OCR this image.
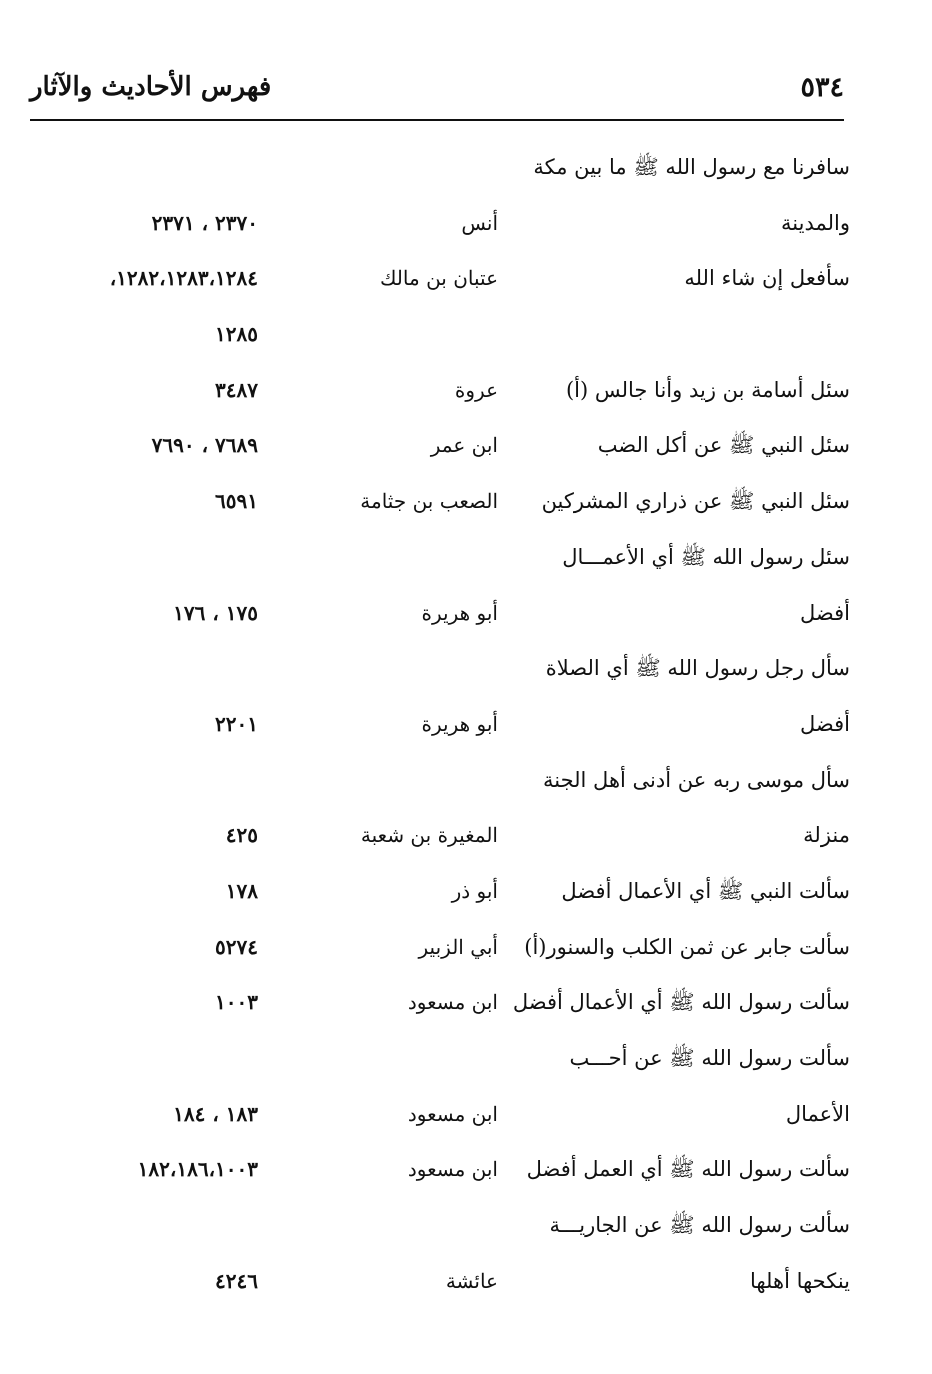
٥٣٤
فهرس الأحاديث والآثار
سافرنا مع رسول الله ﷺ ما بين مكة
والمدينة
أنس
٢٣٧٠ ، ٢٣٧١
سأفعل إن شاء الله
عتبان بن مالك
١٢٨٢،١٢٨٣،١٢٨٤،
١٢٨٥
سئل أسامة بن زيد وأنا جالس (أ)
عروة
٣٤٨٧
سئل النبي ﷺ عن أكل الضب
ابن عمر
٧٦٨٩ ، ٧٦٩٠
سئل النبي ﷺ عن ذراري المشركين
الصعب بن جثامة
٦٥٩١
سئل رسول الله ﷺ أي الأعمـــال
أفضل
أبو هريرة
١٧٥ ، ١٧٦
سأل رجل رسول الله ﷺ أي الصلاة
أفضل
أبو هريرة
٢٢٠١
سأل موسى ربه عن أدنى أهل الجنة
منزلة
المغيرة بن شعبة
٤٢٥
سألت النبي ﷺ أي الأعمال أفضل
أبو ذر
١٧٨
سألت جابر عن ثمن الكلب والسنور(أ)
أبي الزبير
٥٢٧٤
سألت رسول الله ﷺ أي الأعمال أفضل
ابن مسعود
١٠٠٣
سألت رسول الله ﷺ عن أحـــب
الأعمال
ابن مسعود
١٨٣ ، ١٨٤
سألت رسول الله ﷺ أي العمل أفضل
ابن مسعود
١٨٢،١٨٦،١٠٠٣
سألت رسول الله ﷺ عن الجاريـــة
ينكحها أهلها
عائشة
٤٢٤٦
